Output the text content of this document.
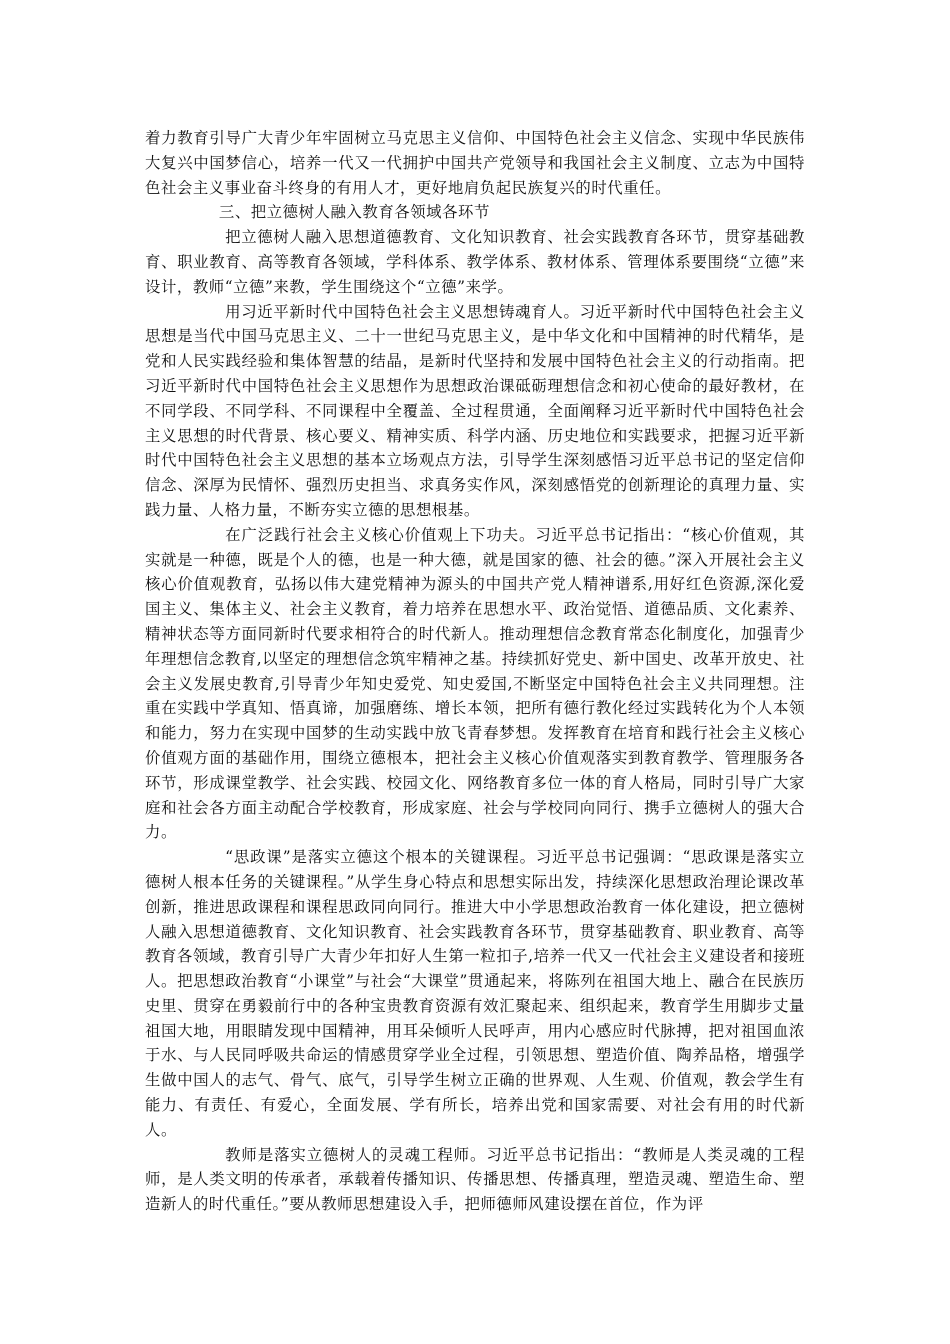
着力教育引导广大青少年牢固树立马克思主义信仰、中国特色社会主义信念、实现中华民族伟大复兴中国梦信心，培养一代又一代拥护中国共产党领导和我国社会主义制度、立志为中国特色社会主义事业奋斗终身的有用人才，更好地肩负起民族复兴的时代重任。

三、把立德树人融入教育各领域各环节

把立德树人融入思想道德教育、文化知识教育、社会实践教育各环节，贯穿基础教育、职业教育、高等教育各领域，学科体系、教学体系、教材体系、管理体系要围绕“立德”来设计，教师“立德”来教，学生围绕这个“立德”来学。

用习近平新时代中国特色社会主义思想铸魂育人。习近平新时代中国特色社会主义思想是当代中国马克思主义、二十一世纪马克思主义，是中华文化和中国精神的时代精华，是党和人民实践经验和集体智慧的结晶，是新时代坚持和发展中国特色社会主义的行动指南。把习近平新时代中国特色社会主义思想作为思想政治课砥砺理想信念和初心使命的最好教材，在不同学段、不同学科、不同课程中全覆盖、全过程贯通，全面阐释习近平新时代中国特色社会主义思想的时代背景、核心要义、精神实质、科学内涵、历史地位和实践要求，把握习近平新时代中国特色社会主义思想的基本立场观点方法，引导学生深刻感悟习近平总书记的坚定信仰信念、深厚为民情怀、强烈历史担当、求真务实作风，深刻感悟党的创新理论的真理力量、实践力量、人格力量，不断夯实立德的思想根基。

在广泛践行社会主义核心价值观上下功夫。习近平总书记指出：“核心价值观，其实就是一种德，既是个人的德，也是一种大德，就是国家的德、社会的德。”深入开展社会主义核心价值观教育，弘扬以伟大建党精神为源头的中国共产党人精神谱系,用好红色资源,深化爱国主义、集体主义、社会主义教育，着力培养在思想水平、政治觉悟、道德品质、文化素养、精神状态等方面同新时代要求相符合的时代新人。推动理想信念教育常态化制度化，加强青少年理想信念教育,以坚定的理想信念筑牢精神之基。持续抓好党史、新中国史、改革开放史、社会主义发展史教育,引导青少年知史爱党、知史爱国,不断坚定中国特色社会主义共同理想。注重在实践中学真知、悟真谛，加强磨练、增长本领，把所有德行教化经过实践转化为个人本领和能力，努力在实现中国梦的生动实践中放飞青春梦想。发挥教育在培育和践行社会主义核心价值观方面的基础作用，围绕立德根本，把社会主义核心价值观落实到教育教学、管理服务各环节，形成课堂教学、社会实践、校园文化、网络教育多位一体的育人格局，同时引导广大家庭和社会各方面主动配合学校教育，形成家庭、社会与学校同向同行、携手立德树人的强大合力。

“思政课”是落实立德这个根本的关键课程。习近平总书记强调：“思政课是落实立德树人根本任务的关键课程。”从学生身心特点和思想实际出发，持续深化思想政治理论课改革创新，推进思政课程和课程思政同向同行。推进大中小学思想政治教育一体化建设，把立德树人融入思想道德教育、文化知识教育、社会实践教育各环节，贯穿基础教育、职业教育、高等教育各领域，教育引导广大青少年扣好人生第一粒扣子,培养一代又一代社会主义建设者和接班人。把思想政治教育“小课堂”与社会“大课堂”贯通起来，将陈列在祖国大地上、融合在民族历史里、贯穿在勇毅前行中的各种宝贵教育资源有效汇聚起来、组织起来，教育学生用脚步丈量祖国大地，用眼睛发现中国精神，用耳朵倾听人民呼声，用内心感应时代脉搏，把对祖国血浓于水、与人民同呼吸共命运的情感贯穿学业全过程，引领思想、塑造价值、陶养品格，增强学生做中国人的志气、骨气、底气，引导学生树立正确的世界观、人生观、价值观，教会学生有能力、有责任、有爱心，全面发展、学有所长，培养出党和国家需要、对社会有用的时代新人。

教师是落实立德树人的灵魂工程师。习近平总书记指出：“教师是人类灵魂的工程师，是人类文明的传承者，承载着传播知识、传播思想、传播真理，塑造灵魂、塑造生命、塑造新人的时代重任。”要从教师思想建设入手，把师德师风建设摆在首位，作为评
